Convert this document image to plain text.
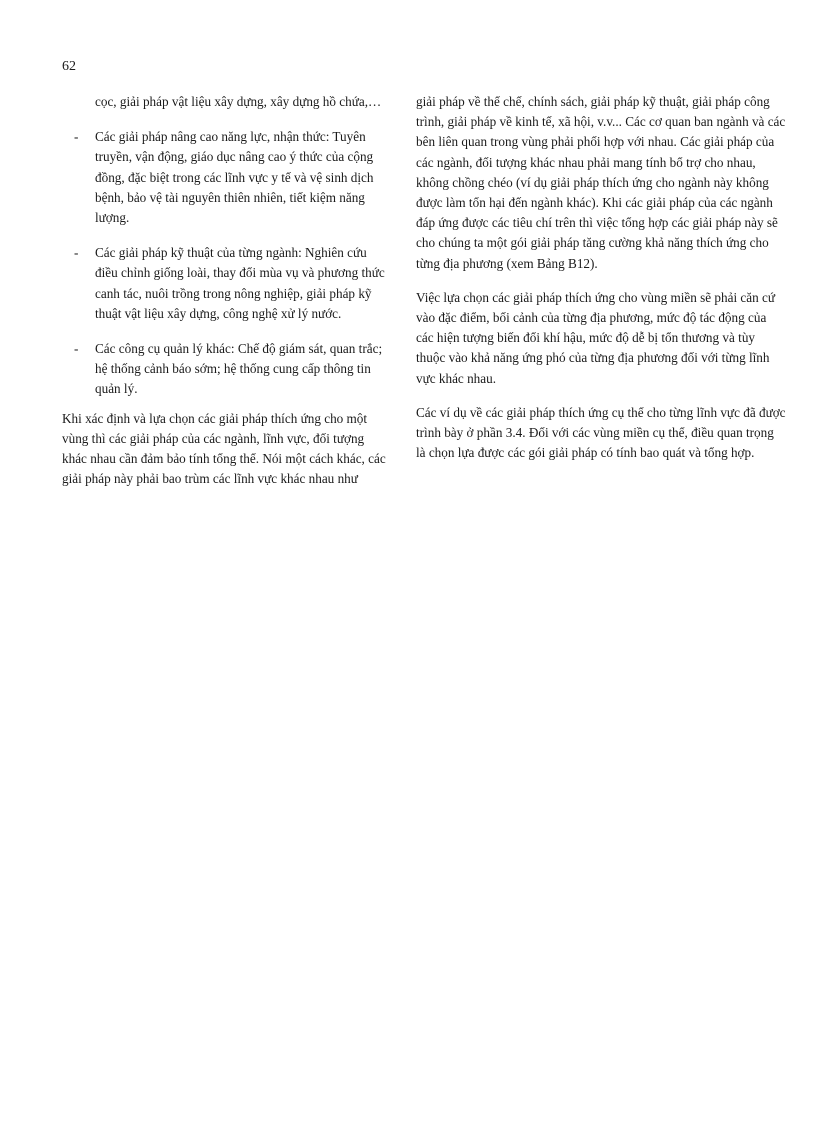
62

cọc, giải pháp vật liệu xây dựng, xây dựng hồ chứa,…

- Các giải pháp nâng cao năng lực, nhận thức: Tuyên truyền, vận động, giáo dục nâng cao ý thức của cộng đồng, đặc biệt trong các lĩnh vực y tế và vệ sinh dịch bệnh, bảo vệ tài nguyên thiên nhiên, tiết kiệm năng lượng.
- Các giải pháp kỹ thuật của từng ngành: Nghiên cứu điều chỉnh giống loài, thay đổi mùa vụ và phương thức canh tác, nuôi trồng trong nông nghiệp, giải pháp kỹ thuật vật liệu xây dựng, công nghệ xử lý nước.
- Các công cụ quản lý khác: Chế độ giám sát, quan trắc; hệ thống cảnh báo sớm; hệ thống cung cấp thông tin quản lý.

Khi xác định và lựa chọn các giải pháp thích ứng cho một vùng thì các giải pháp của các ngành, lĩnh vực, đối tượng khác nhau cần đảm bảo tính tổng thể. Nói một cách khác, các giải pháp này phải bao trùm các lĩnh vực khác nhau như

giải pháp về thể chế, chính sách, giải pháp kỹ thuật, giải pháp công trình, giải pháp về kinh tế, xã hội, v.v... Các cơ quan ban ngành và các bên liên quan trong vùng phải phối hợp với nhau. Các giải pháp của các ngành, đối tượng khác nhau phải mang tính bổ trợ cho nhau, không chồng chéo (ví dụ giải pháp thích ứng cho ngành này không được làm tổn hại đến ngành khác). Khi các giải pháp của các ngành đáp ứng được các tiêu chí trên thì việc tổng hợp các giải pháp này sẽ cho chúng ta một gói giải pháp tăng cường khả năng thích ứng cho từng địa phương (xem Bảng B12).

Việc lựa chọn các giải pháp thích ứng cho vùng miền sẽ phải căn cứ vào đặc điểm, bối cảnh của từng địa phương, mức độ tác động của các hiện tượng biến đổi khí hậu, mức độ dễ bị tổn thương và tùy thuộc vào khả năng ứng phó của từng địa phương đối với từng lĩnh vực khác nhau.

Các ví dụ về các giải pháp thích ứng cụ thể cho từng lĩnh vực đã được trình bày ở phần 3.4. Đối với các vùng miền cụ thể, điều quan trọng là chọn lựa được các gói giải pháp có tính bao quát và tổng hợp.
